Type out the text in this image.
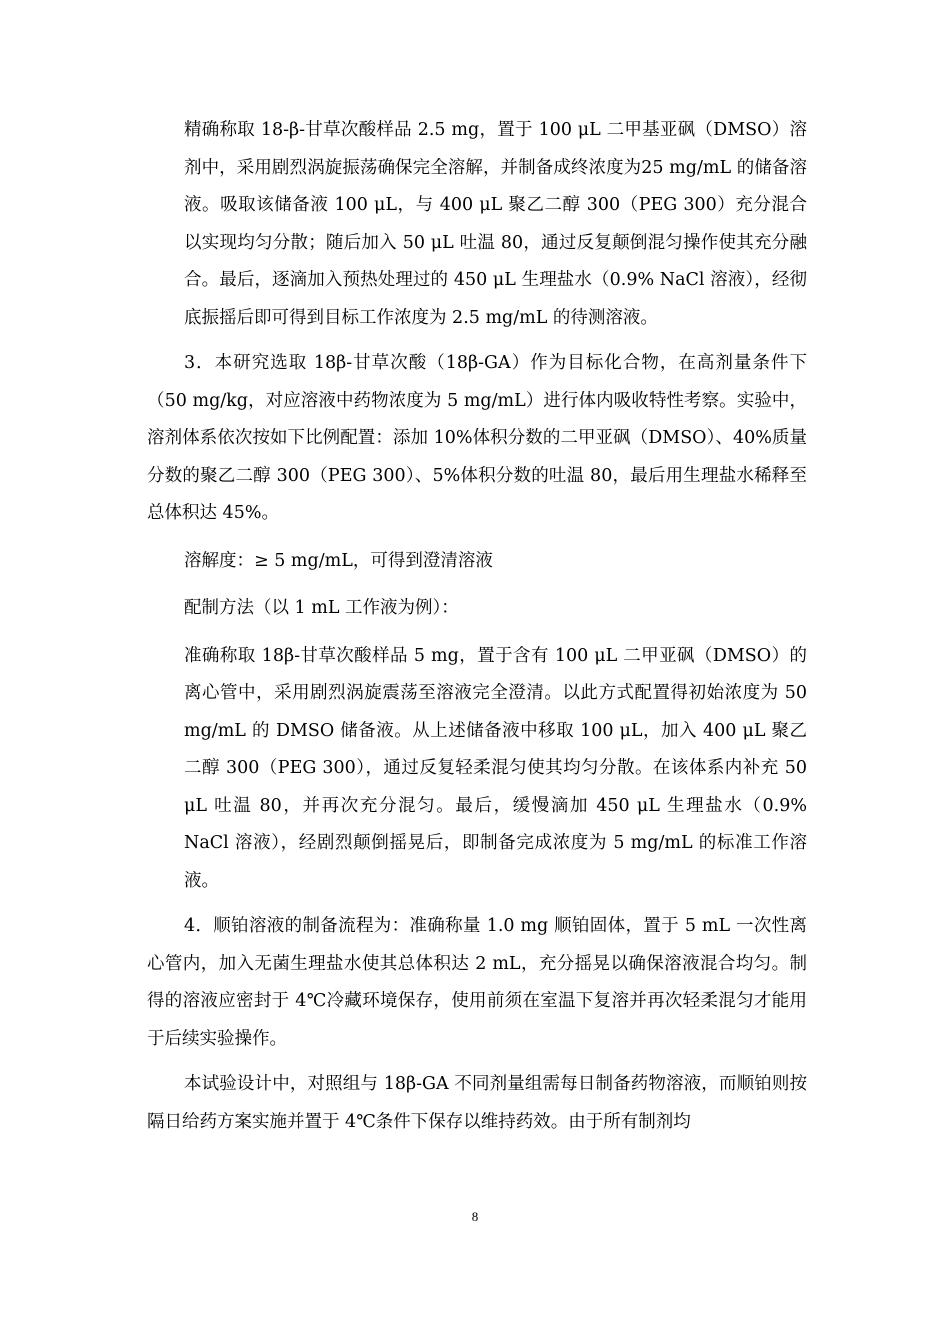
精确称取 18-β-甘草次酸样品 2.5 mg，置于 100 μL 二甲基亚砜（DMSO）溶剂中，采用剧烈涡旋振荡确保完全溶解，并制备成终浓度为25 mg/mL 的储备溶液。吸取该储备液 100 μL，与 400 μL 聚乙二醇 300（PEG 300）充分混合以实现均匀分散；随后加入 50 μL 吐温 80，通过反复颠倒混匀操作使其充分融合。最后，逐滴加入预热处理过的 450 μL 生理盐水（0.9% NaCl 溶液），经彻底振摇后即可得到目标工作浓度为 2.5 mg/mL 的待测溶液。

3．本研究选取 18β-甘草次酸（18β-GA）作为目标化合物，在高剂量条件下（50 mg/kg，对应溶液中药物浓度为 5 mg/mL）进行体内吸收特性考察。实验中，溶剂体系依次按如下比例配置：添加 10%体积分数的二甲亚砜（DMSO）、40%质量分数的聚乙二醇 300（PEG 300）、5%体积分数的吐温 80，最后用生理盐水稀释至总体积达 45%。

溶解度：≥ 5 mg/mL，可得到澄清溶液

配制方法（以 1 mL 工作液为例）：

准确称取 18β-甘草次酸样品 5 mg，置于含有 100 μL 二甲亚砜（DMSO）的离心管中，采用剧烈涡旋震荡至溶液完全澄清。以此方式配置得初始浓度为 50 mg/mL 的 DMSO 储备液。从上述储备液中移取 100 μL，加入 400 μL 聚乙二醇 300（PEG 300），通过反复轻柔混匀使其均匀分散。在该体系内补充 50 μL 吐温 80，并再次充分混匀。最后，缓慢滴加 450 μL 生理盐水（0.9% NaCl 溶液），经剧烈颠倒摇晃后，即制备完成浓度为 5 mg/mL 的标准工作溶液。

4．顺铂溶液的制备流程为：准确称量 1.0 mg 顺铂固体，置于 5 mL 一次性离心管内，加入无菌生理盐水使其总体积达 2 mL，充分摇晃以确保溶液混合均匀。制得的溶液应密封于 4℃冷藏环境保存，使用前须在室温下复溶并再次轻柔混匀才能用于后续实验操作。

本试验设计中，对照组与 18β-GA 不同剂量组需每日制备药物溶液，而顺铂则按隔日给药方案实施并置于 4℃条件下保存以维持药效。由于所有制剂均

8
